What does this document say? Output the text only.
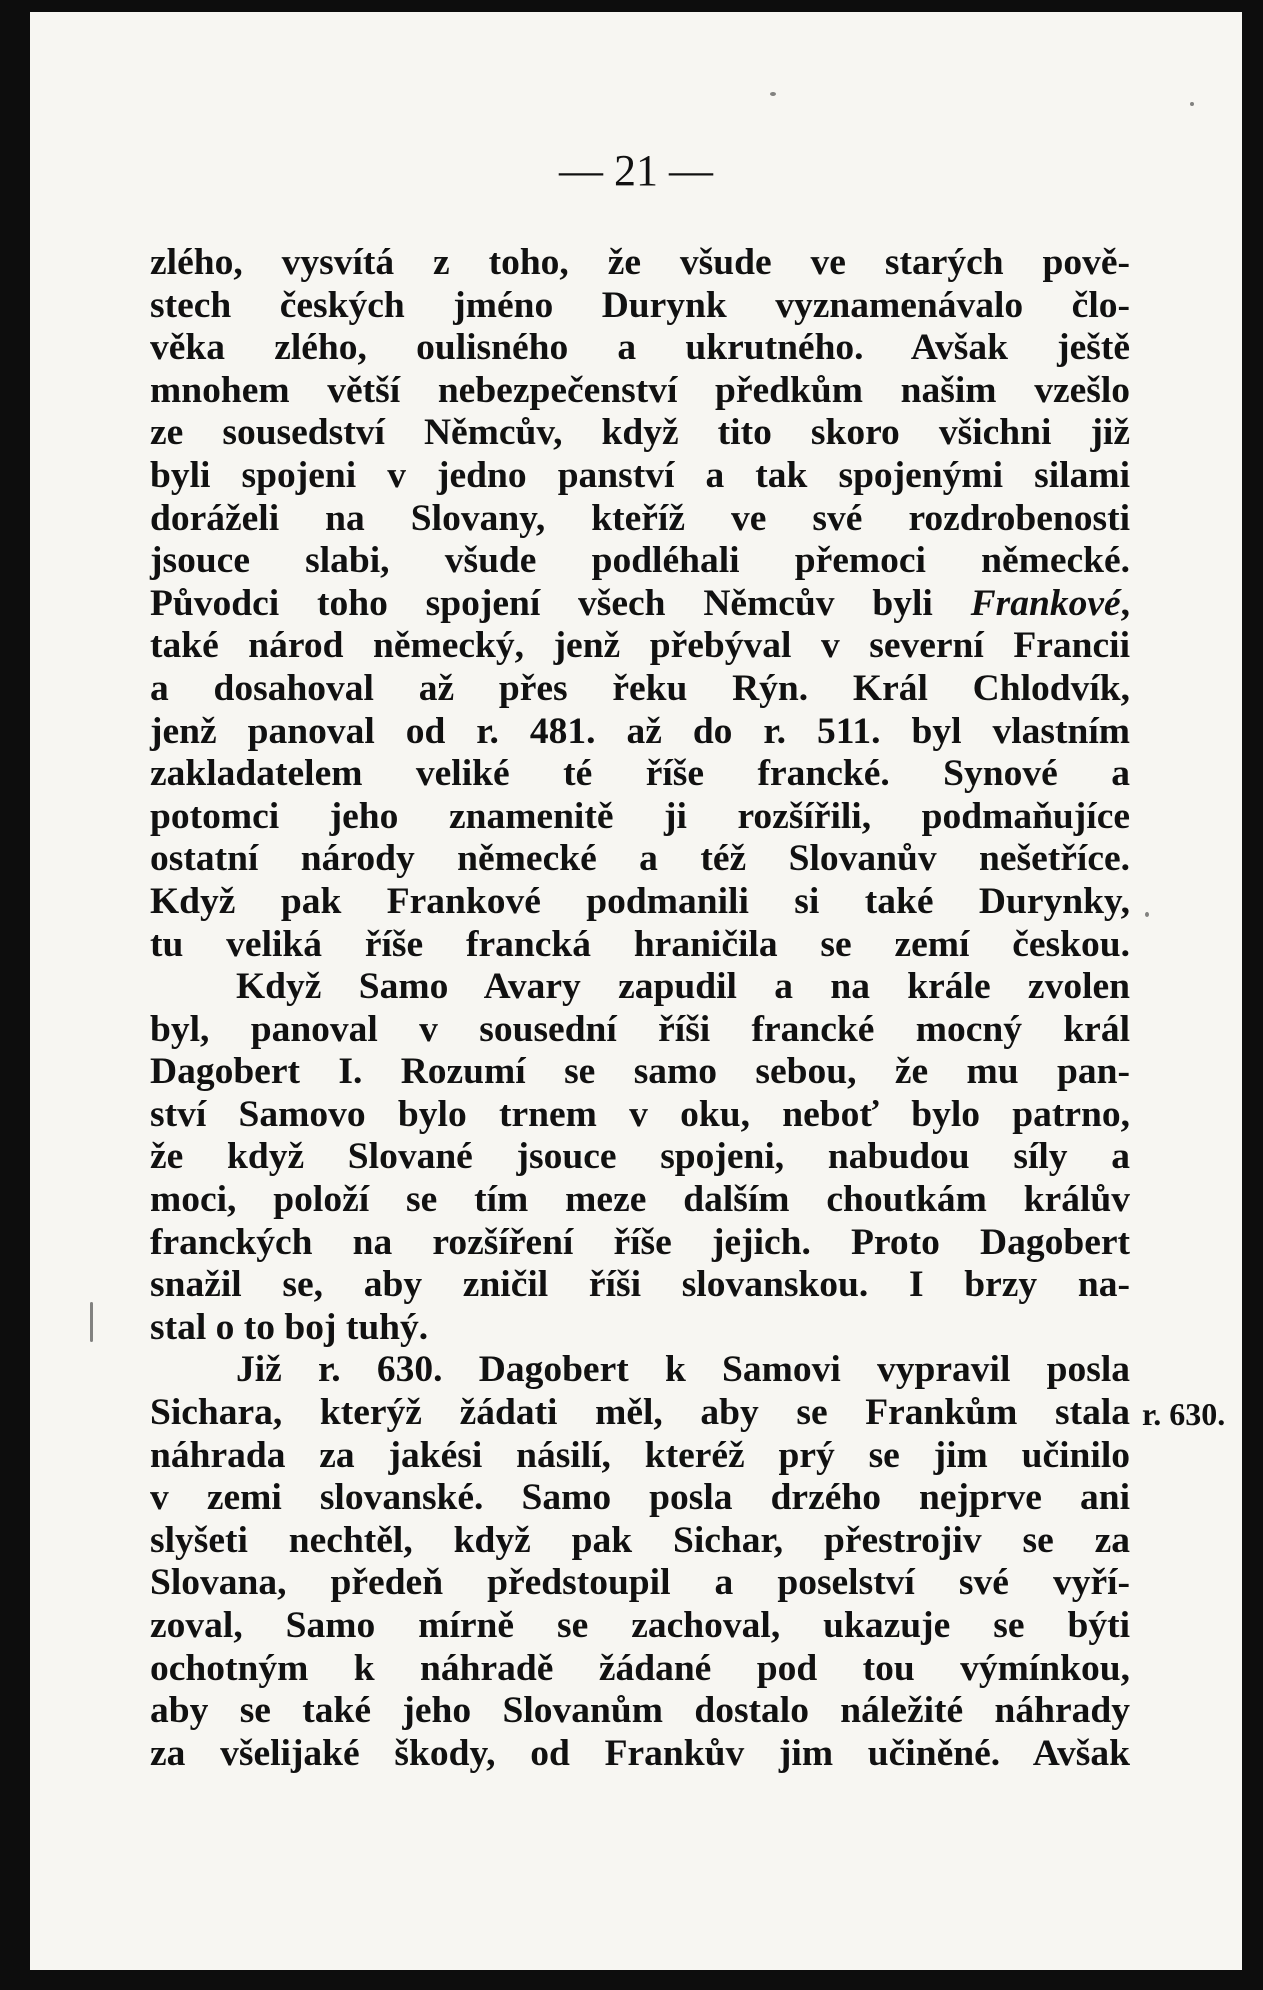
— 21 —
zlého, vysvítá z toho, že všude ve starých pově-
stech českých jméno Durynk vyznamenávalo člo-
věka zlého, oulisného a ukrutného. Avšak ještě
mnohem větší nebezpečenství předkům našim vzešlo
ze sousedství Němcův, když tito skoro všichni již
byli spojeni v jedno panství a tak spojenými silami
doráželi na Slovany, kteříž ve své rozdrobenosti
jsouce slabi, všude podléhali přemoci německé.
Původci toho spojení všech Němcův byli Frankové,
také národ německý, jenž přebýval v severní Francii
a dosahoval až přes řeku Rýn. Král Chlodvík,
jenž panoval od r. 481. až do r. 511. byl vlastním
zakladatelem veliké té říše francké. Synové a
potomci jeho znamenitě ji rozšířili, podmaňujíce
ostatní národy německé a též Slovanův nešetříce.
Když pak Frankové podmanili si také Durynky,
tu veliká říše francká hraničila se zemí českou.
Když Samo Avary zapudil a na krále zvolen
byl, panoval v sousední říši francké mocný král
Dagobert I. Rozumí se samo sebou, že mu pan-
ství Samovo bylo trnem v oku, neboť bylo patrno,
že když Slované jsouce spojeni, nabudou síly a
moci, položí se tím meze dalším choutkám králův
franckých na rozšíření říše jejich. Proto Dagobert
snažil se, aby zničil říši slovanskou. I brzy na-
stal o to boj tuhý.
Již r. 630. Dagobert k Samovi vypravil posla
Sichara, kterýž žádati měl, aby se Frankům stala
náhrada za jakési násilí, kteréž prý se jim učinilo
v zemi slovanské. Samo posla drzého nejprve ani
slyšeti nechtěl, když pak Sichar, přestrojiv se za
Slovana, předeň předstoupil a poselství své vyří-
zoval, Samo mírně se zachoval, ukazuje se býti
ochotným k náhradě žádané pod tou výmínkou,
aby se také jeho Slovanům dostalo náležité náhrady
za všelijaké škody, od Frankův jim učiněné. Avšak
r. 630.
